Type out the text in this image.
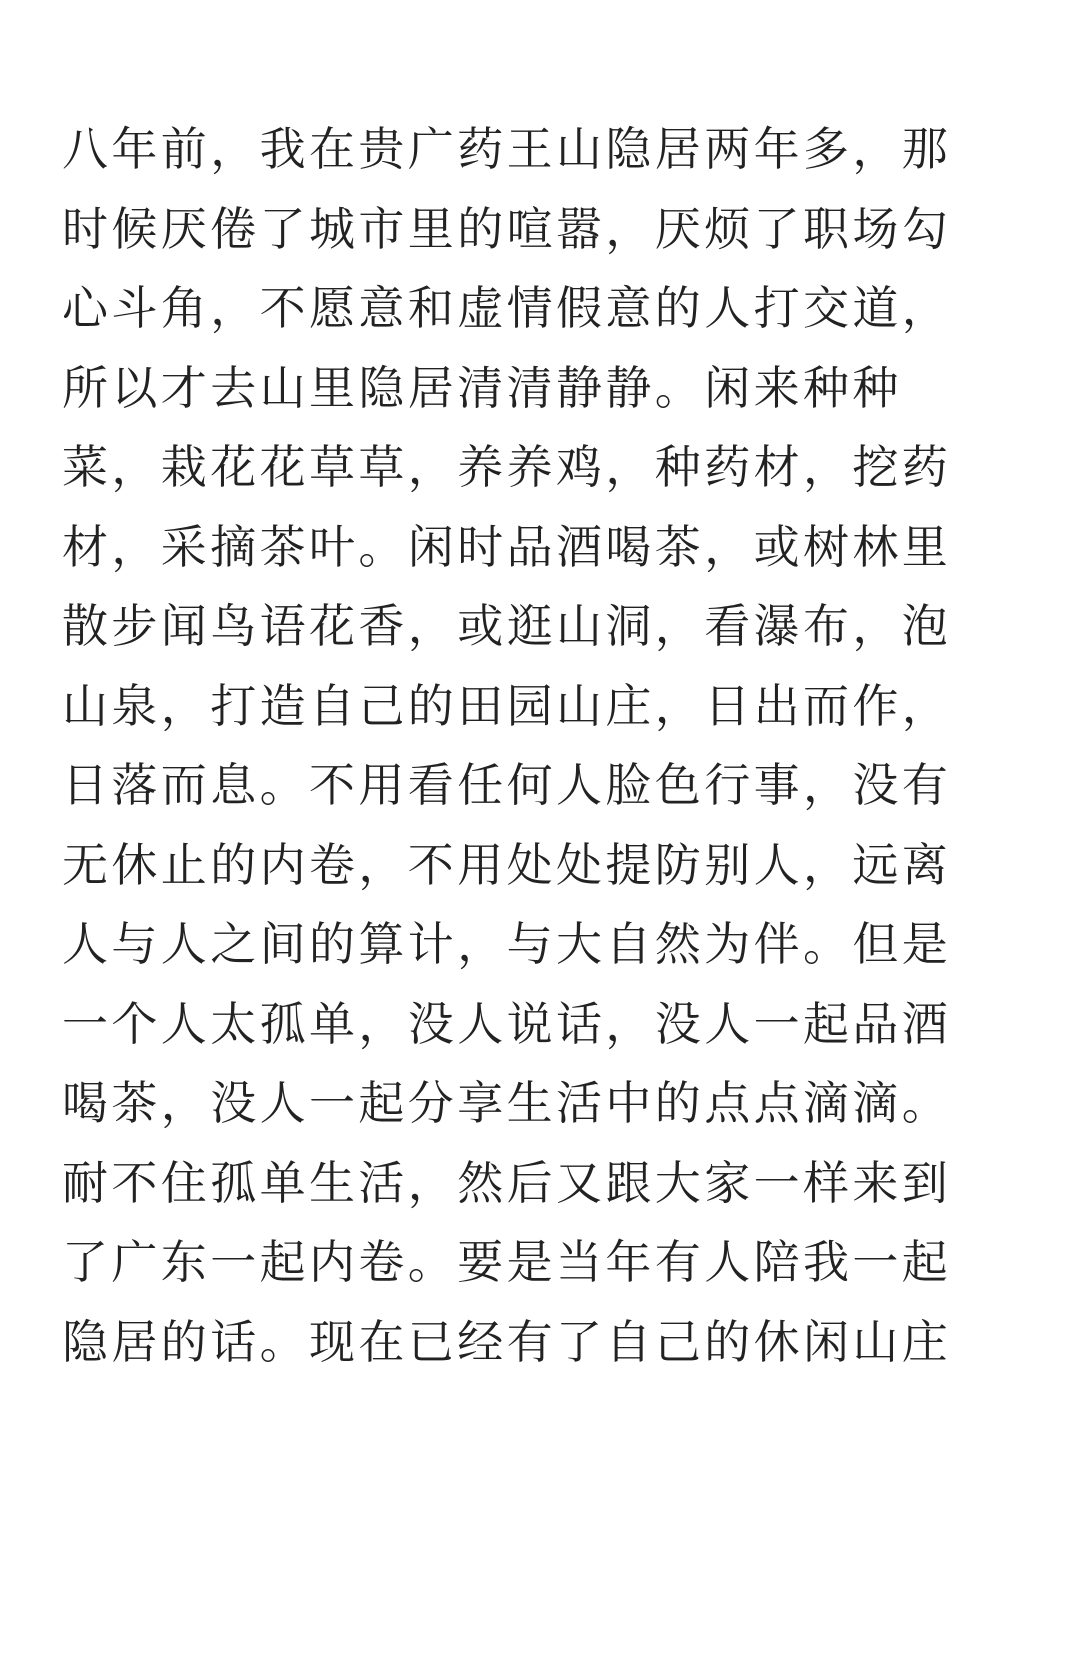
八年前，我在贵广药王山隐居两年多，那
时候厌倦了城市里的喧嚣，厌烦了职场勾
心斗角，不愿意和虚情假意的人打交道，
所以才去山里隐居清清静静。闲来种种
菜，栽花花草草，养养鸡，种药材，挖药
材，采摘茶叶。闲时品酒喝茶，或树林里
散步闻鸟语花香，或逛山洞，看瀑布，泡
山泉，打造自己的田园山庄，日出而作，
日落而息。不用看任何人脸色行事，没有
无休止的内卷，不用处处提防别人，远离
人与人之间的算计，与大自然为伴。但是
一个人太孤单，没人说话，没人一起品酒
喝茶，没人一起分享生活中的点点滴滴。
耐不住孤单生活，然后又跟大家一样来到
了广东一起内卷。要是当年有人陪我一起
隐居的话。现在已经有了自己的休闲山庄
